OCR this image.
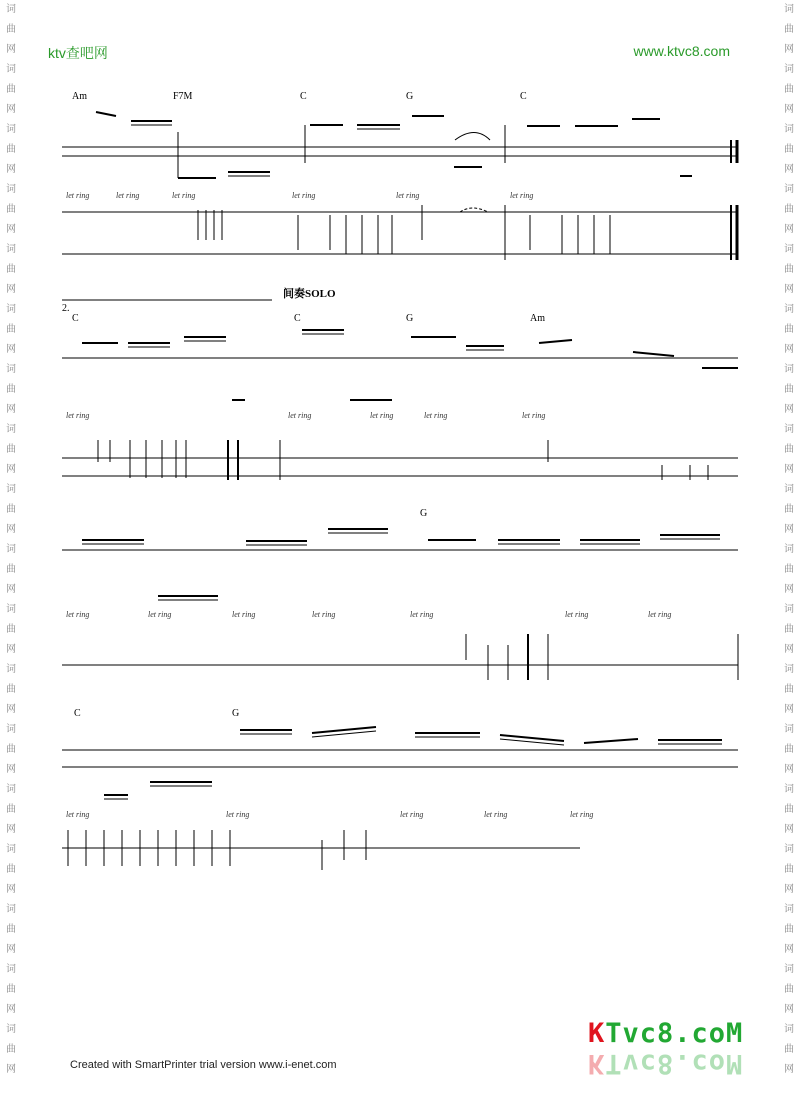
词
曲
网
词
曲
网
词
曲
网
词
曲
网
词
曲
网
词
曲
网
词
曲
网
词
曲
网
词
曲
网
词
曲
网
词
曲
网
词
曲
网
词
曲
网
词
曲
网
词
曲
网
词
曲
网
词
曲
网
词
曲
网
词
曲
网
词
曲
网
词
曲
网
词
曲
网
词
曲
网
词
曲
网
词
曲
网
词
曲
网
词
曲
网
词
曲
网
词
曲
网
词
曲
网
词
曲
网
词
曲
网
词
曲
网
词
曲
网
词
曲
网
词
曲
网
ktv查吧网	www.ktvc8.com
Am	F7M	C	G	C
2.
间奏SOLO
C	C	G	Am
G
C	G
let ring	let ring	let ring	let ring	let ring	let ring
let ring	let ring	let ring	let ring	let ring
let ring	let ring	let ring	let ring	let ring	let ring	let ring
let ring	let ring	let ring	let ring	let ring
Created with SmartPrinter trial version www.i-enet.com
KTvc8.coM
KTvc8.coM
